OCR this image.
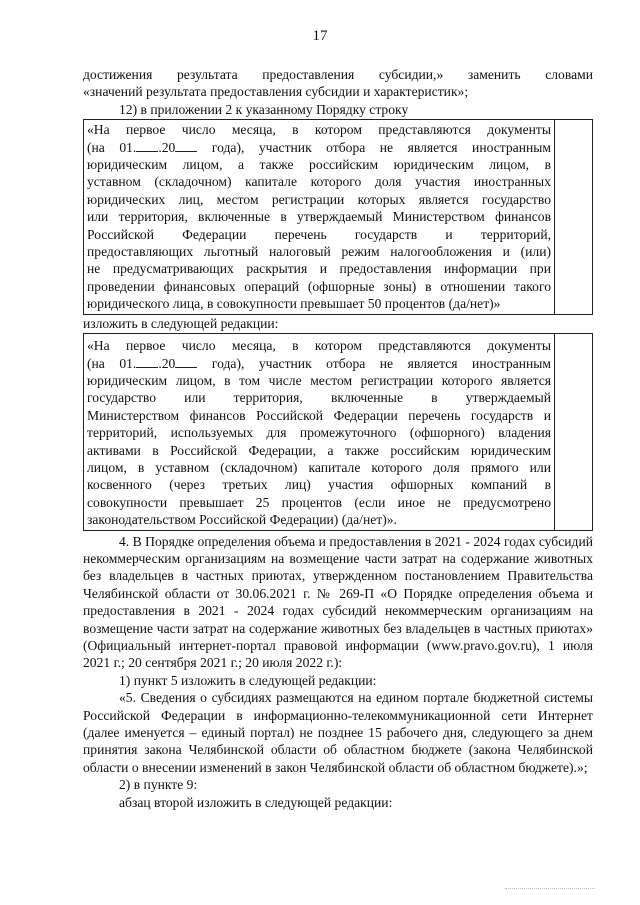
17

достижения результата предоставления субсидии,» заменить словами

«значений результата предоставления субсидии и характеристик»;

12) в приложении 2 к указанному Порядку строку

«На первое число месяца, в котором представляются документы

(на 01. .20 года), участник отбора не является иностранным

юридическим лицом, а также российским юридическим лицом, в

уставном (складочном) капитале которого доля участия иностранных

юридических лиц, местом регистрации которых является государство

или территория, включенные в утверждаемый Министерством финансов

Российской Федерации перечень государств и территорий,

предоставляющих льготный налоговый режим налогообложения и (или)

не предусматривающих раскрытия и предоставления информации при

проведении финансовых операций (офшорные зоны) в отношении такого

юридического лица, в совокупности превышает 50 процентов (да/нет)»

изложить в следующей редакции:

«На первое число месяца, в котором представляются документы

(на 01. .20 года), участник отбора не является иностранным

юридическим лицом, в том числе местом регистрации которого является

государство или территория, включенные в утверждаемый

Министерством финансов Российской Федерации перечень государств и

территорий, используемых для промежуточного (офшорного) владения

активами в Российской Федерации, а также российским юридическим

лицом, в уставном (складочном) капитале которого доля прямого или

косвенного (через третьих лиц) участия офшорных компаний в

совокупности превышает 25 процентов (если иное не предусмотрено

законодательством Российской Федерации) (да/нет)».

4. В Порядке определения объема и предоставления в 2021 - 2024 годах субсидий некоммерческим организациям на возмещение части затрат на содержание животных без владельцев в частных приютах, утвержденном постановлением Правительства Челябинской области от 30.06.2021 г. № 269-П «О Порядке определения объема и предоставления в 2021 - 2024 годах субсидий некоммерческим организациям на возмещение части затрат на содержание животных без владельцев в частных приютах» (Официальный интернет-портал правовой информации (www.pravo.gov.ru), 1 июля 2021 г.; 20 сентября 2021 г.; 20 июля 2022 г.):

1) пункт 5 изложить в следующей редакции:

«5. Сведения о субсидиях размещаются на едином портале бюджетной системы Российской Федерации в информационно-телекоммуникационной сети Интернет (далее именуется – единый портал) не позднее 15 рабочего дня, следующего за днем принятия закона Челябинской области об областном бюджете (закона Челябинской области о внесении изменений в закон Челябинской области об областном бюджете).»;

2) в пункте 9:

абзац второй изложить в следующей редакции:
